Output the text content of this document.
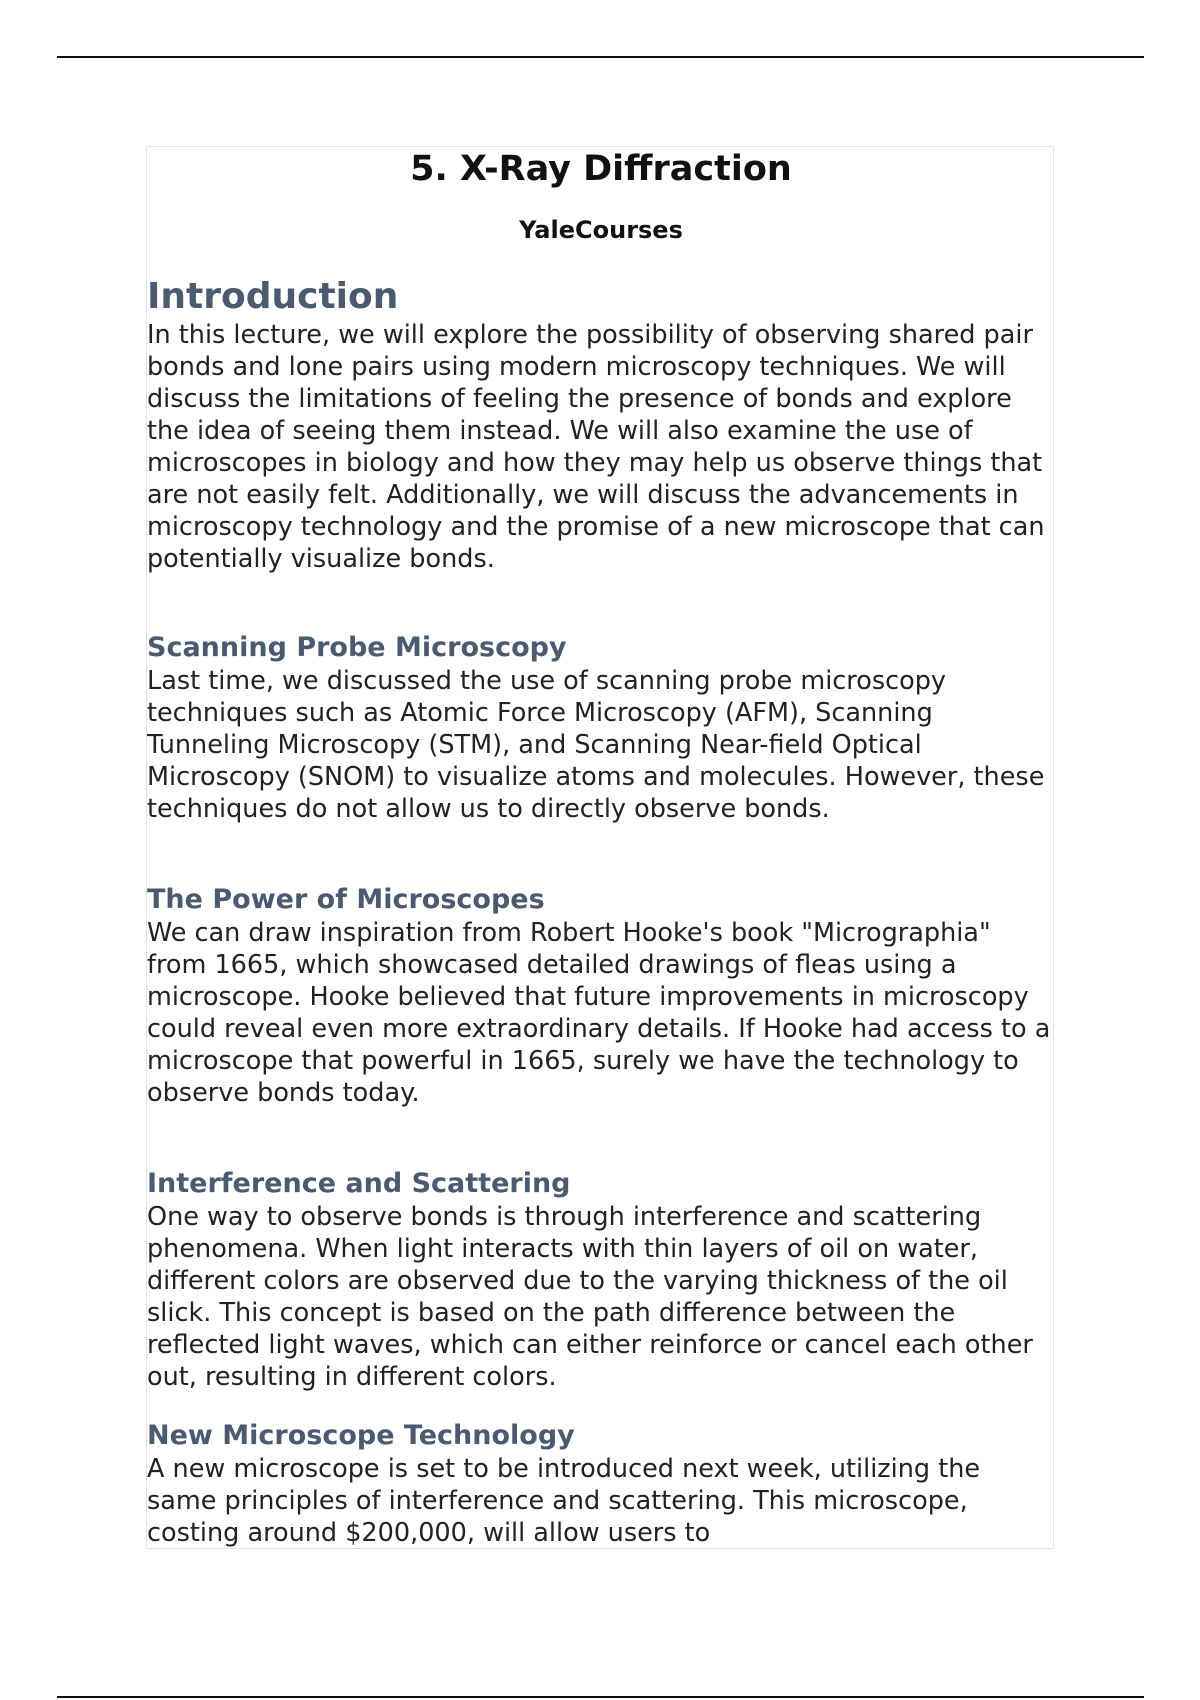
5. X-Ray Diffraction
YaleCourses
Introduction
In this lecture, we will explore the possibility of observing shared pair bonds and lone pairs using modern microscopy techniques. We will discuss the limitations of feeling the presence of bonds and explore the idea of seeing them instead. We will also examine the use of microscopes in biology and how they may help us observe things that are not easily felt. Additionally, we will discuss the advancements in microscopy technology and the promise of a new microscope that can potentially visualize bonds.
Scanning Probe Microscopy
Last time, we discussed the use of scanning probe microscopy techniques such as Atomic Force Microscopy (AFM), Scanning Tunneling Microscopy (STM), and Scanning Near-field Optical Microscopy (SNOM) to visualize atoms and molecules. However, these techniques do not allow us to directly observe bonds.
The Power of Microscopes
We can draw inspiration from Robert Hooke's book "Micrographia" from 1665, which showcased detailed drawings of fleas using a microscope. Hooke believed that future improvements in microscopy could reveal even more extraordinary details. If Hooke had access to a microscope that powerful in 1665, surely we have the technology to observe bonds today.
Interference and Scattering
One way to observe bonds is through interference and scattering phenomena. When light interacts with thin layers of oil on water, different colors are observed due to the varying thickness of the oil slick. This concept is based on the path difference between the reflected light waves, which can either reinforce or cancel each other out, resulting in different colors.
New Microscope Technology
A new microscope is set to be introduced next week, utilizing the same principles of interference and scattering. This microscope, costing around $200,000, will allow users to
